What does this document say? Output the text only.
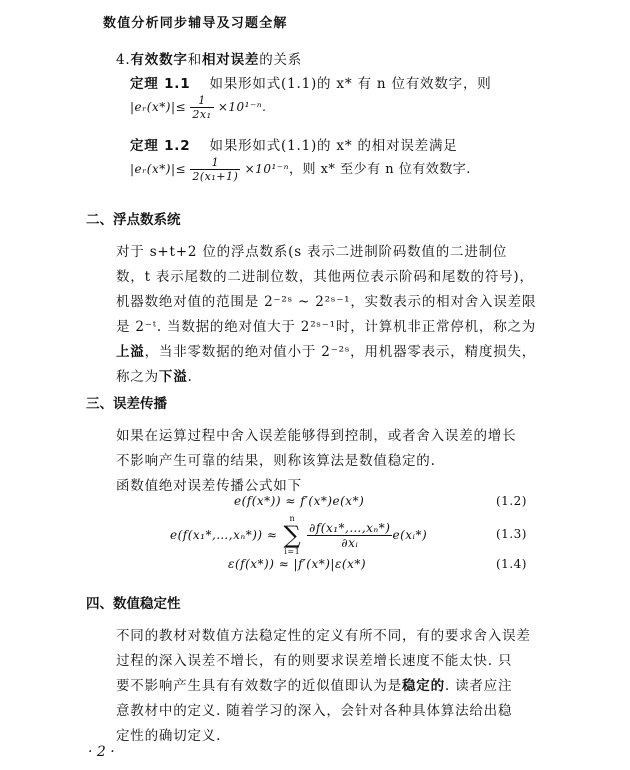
数值分析同步辅导及习题全解
4.有效数字和相对误差的关系
定理 1.1 如果形如式(1.1)的 x* 有 n 位有效数字，则
|eᵣ(x*)|≤ $\frac{1}{\text{2x₁}} \times 10^{1-n}$.
定理 1.2 如果形如式(1.1)的 x* 的相对误差满足
|eᵣ(x*)|≤ $\frac{1}{\text{2(x₁+1)}} \times 10^{1-n}$，则 x* 至少有 n 位有效数字.
二、浮点数系统
对于 s+t+2 位的浮点数系(s 表示二进制阶码数值的二进制位
数，t 表示尾数的二进制位数，其他两位表示阶码和尾数的符号)，
机器数绝对值的范围是 2⁻²ˢ ~ 2²ˢ⁻¹，实数表示的相对舍入误差限
是 2⁻ᵗ. 当数据的绝对值大于 2²ˢ⁻¹时，计算机非正常停机，称之为
上溢，当非零数据的绝对值小于 2⁻²ˢ，用机器零表示，精度损失，
称之为下溢.
三、误差传播
如果在运算过程中舍入误差能够得到控制，或者舍入误差的增长
不影响产生可靠的结果，则称该算法是数值稳定的.
函数值绝对误差传播公式如下
e(f(x*)) ≈ f′(x*)e(x*)	(1.2)
e(f(x₁*,…,xₙ*)) ≈
n
∑
i=1
$\frac{\text{∂f(x₁*,…,xₙ*)}}{\text{∂xᵢ}}$ e(xᵢ*)	(1.3)
ε(f(x*)) ≈ |f′(x*)|ε(x*)	(1.4)
四、数值稳定性
不同的教材对数值方法稳定性的定义有所不同，有的要求舍入误差
过程的深入误差不增长，有的则要求误差增长速度不能太快. 只
要不影响产生具有有效数字的近似值即认为是稳定的. 读者应注
意教材中的定义. 随着学习的深入，会针对各种具体算法给出稳
定性的确切定义.
· 2 ·
